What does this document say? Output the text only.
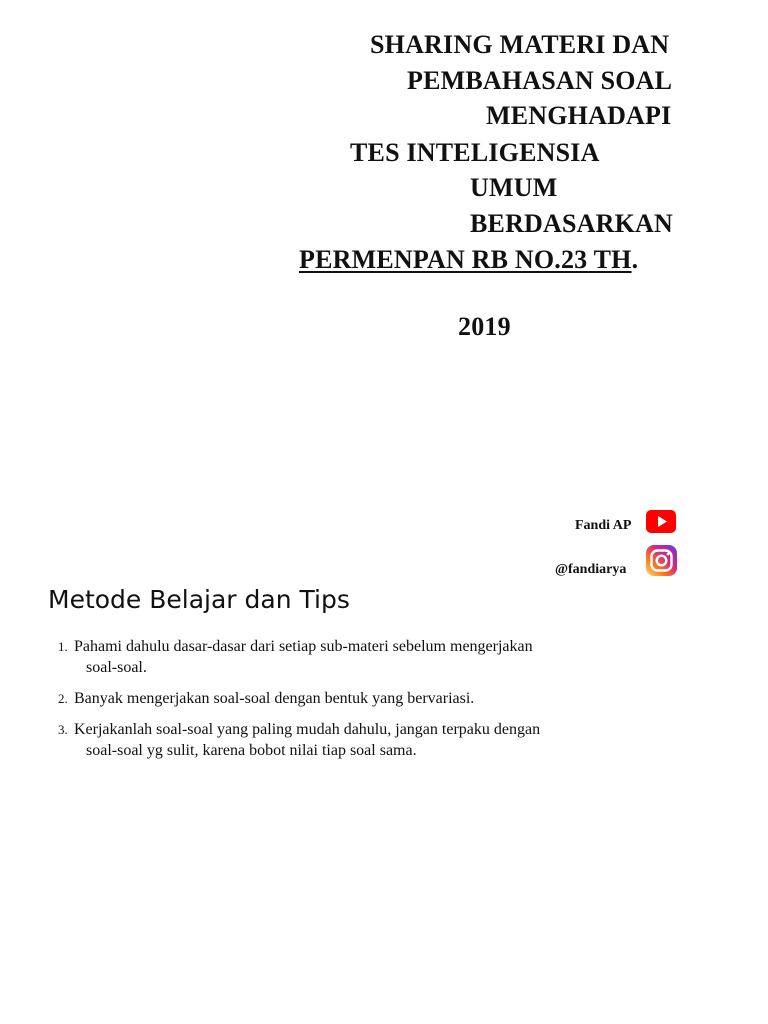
SHARING MATERI DAN
PEMBAHASAN SOAL
MENGHADAPI
TES INTELIGENSIA
UMUM
BERDASARKAN
PERMENPAN RB NO.23 TH.
2019
Fandi AP
@fandiarya
Metode Belajar dan Tips
1. Pahami dahulu dasar-dasar dari setiap sub-materi sebelum mengerjakan
soal-soal.
2. Banyak mengerjakan soal-soal dengan bentuk yang bervariasi.
3. Kerjakanlah soal-soal yang paling mudah dahulu, jangan terpaku dengan
soal-soal yg sulit, karena bobot nilai tiap soal sama.
